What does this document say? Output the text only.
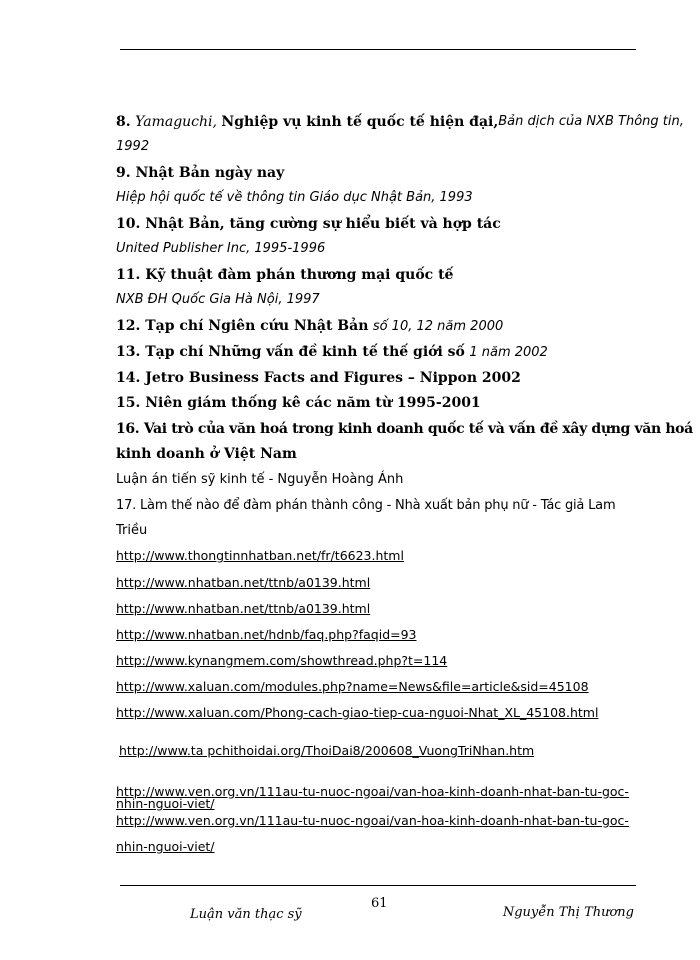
8. Yamaguchi, Nghiệp vụ kinh tế quốc tế hiện đại, Bản dịch của NXB Thông tin,
1992
9. Nhật Bản ngày nay
Hiệp hội quốc tế về thông tin Giáo dục Nhật Bản, 1993
10. Nhật Bản, tăng cường sự hiểu biết và hợp tác
United Publisher Inc, 1995-1996
11. Kỹ thuật đàm phán thương mại quốc tế
NXB ĐH Quốc Gia Hà Nội, 1997
12. Tạp chí Ngiên cứu Nhật Bản số 10, 12 năm 2000
13. Tạp chí Những vấn đề kinh tế thế giới số 1 năm 2002
14. Jetro Business Facts and Figures – Nippon 2002
15. Niên giám thống kê các năm từ 1995-2001
16. Vai trò của văn hoá trong kinh doanh quốc tế và vấn đề xây dựng văn hoá
kinh doanh ở Việt Nam
Luận án tiến sỹ kinh tế - Nguyễn Hoàng Ánh
17. Làm thế nào để đàm phán thành công - Nhà xuất bản phụ nữ - Tác giả Lam
Triều
http://www.thongtinnhatban.net/fr/t6623.html
http://www.nhatban.net/ttnb/a0139.html
http://www.nhatban.net/ttnb/a0139.html
http://www.nhatban.net/hdnb/faq.php?faqid=93
http://www.kynangmem.com/showthread.php?t=114
http://www.xaluan.com/modules.php?name=News&file=article&sid=45108
http://www.xaluan.com/Phong-cach-giao-tiep-cua-nguoi-Nhat_XL_45108.html
http://www.ta pchithoidai.org/ThoiDai8/200608_VuongTriNhan.htm
http://www.ven.org.vn/111au-tu-nuoc-ngoai/van-hoa-kinh-doanh-nhat-ban-tu-goc-
nhin-nguoi-viet/
http://www.ven.org.vn/111au-tu-nuoc-ngoai/van-hoa-kinh-doanh-nhat-ban-tu-goc-
nhin-nguoi-viet/
61
Luận văn thạc sỹ	Nguyễn Thị Thương
